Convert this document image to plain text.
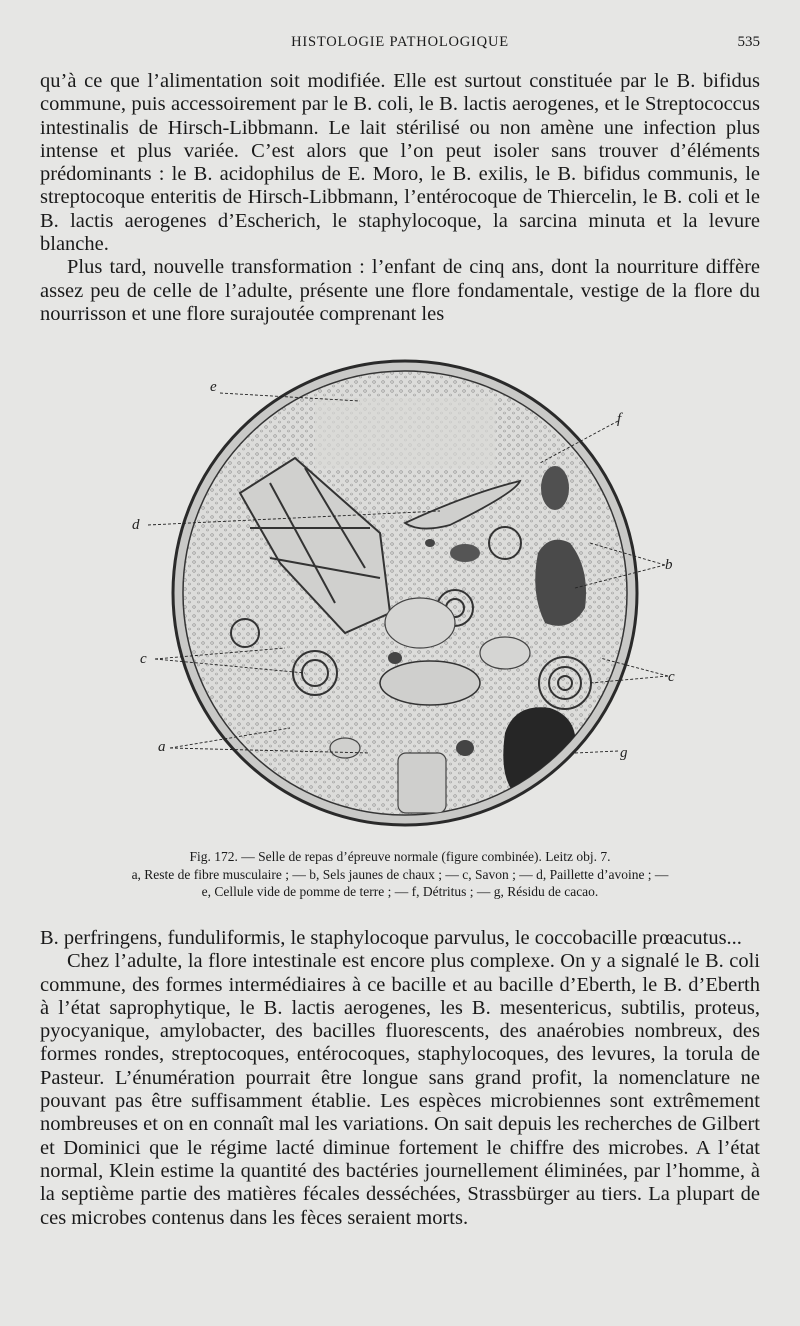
HISTOLOGIE PATHOLOGIQUE	535

qu’à ce que l’alimentation soit modifiée. Elle est surtout constituée par le B. bifidus commune, puis accessoirement par le B. coli, le B. lactis aerogenes, et le Streptococcus intestinalis de Hirsch-Libbmann. Le lait stérilisé ou non amène une infection plus intense et plus variée. C’est alors que l’on peut isoler sans trouver d’éléments prédominants : le B. acidophilus de E. Moro, le B. exilis, le B. bifidus communis, le streptocoque enteritis de Hirsch-Libbmann, l’entérocoque de Thiercelin, le B. coli et le B. lactis aerogenes d’Escherich, le staphylocoque, la sarcina minuta et la levure blanche.

Plus tard, nouvelle transformation : l’enfant de cinq ans, dont la nourriture diffère assez peu de celle de l’adulte, présente une flore fondamentale, vestige de la flore du nourrisson et une flore surajoutée comprenant les

e
d
f
b
c
c
a	g
Fig. 172. — Selle de repas d’épreuve normale (figure combinée). Leitz obj. 7.
a, Reste de fibre musculaire ; — b, Sels jaunes de chaux ; — c, Savon ; — d, Paillette d’avoine ; —
e, Cellule vide de pomme de terre ; — f, Détritus ; — g, Résidu de cacao.

B. perfringens, funduliformis, le staphylocoque parvulus, le coccobacille prœacutus...

Chez l’adulte, la flore intestinale est encore plus complexe. On y a signalé le B. coli commune, des formes intermédiaires à ce bacille et au bacille d’Eberth, le B. d’Eberth à l’état saprophytique, le B. lactis aerogenes, les B. mesentericus, subtilis, proteus, pyocyanique, amylobacter, des bacilles fluorescents, des anaérobies nombreux, des formes rondes, streptocoques, entérocoques, staphylocoques, des levures, la torula de Pasteur. L’énumération pourrait être longue sans grand profit, la nomenclature ne pouvant pas être suffisamment établie. Les espèces microbiennes sont extrêmement nombreuses et on en connaît mal les variations. On sait depuis les recherches de Gilbert et Dominici que le régime lacté diminue fortement le chiffre des microbes. A l’état normal, Klein estime la quantité des bactéries journellement éliminées, par l’homme, à la septième partie des matières fécales desséchées, Strassbürger au tiers. La plupart de ces microbes contenus dans les fèces seraient morts.
